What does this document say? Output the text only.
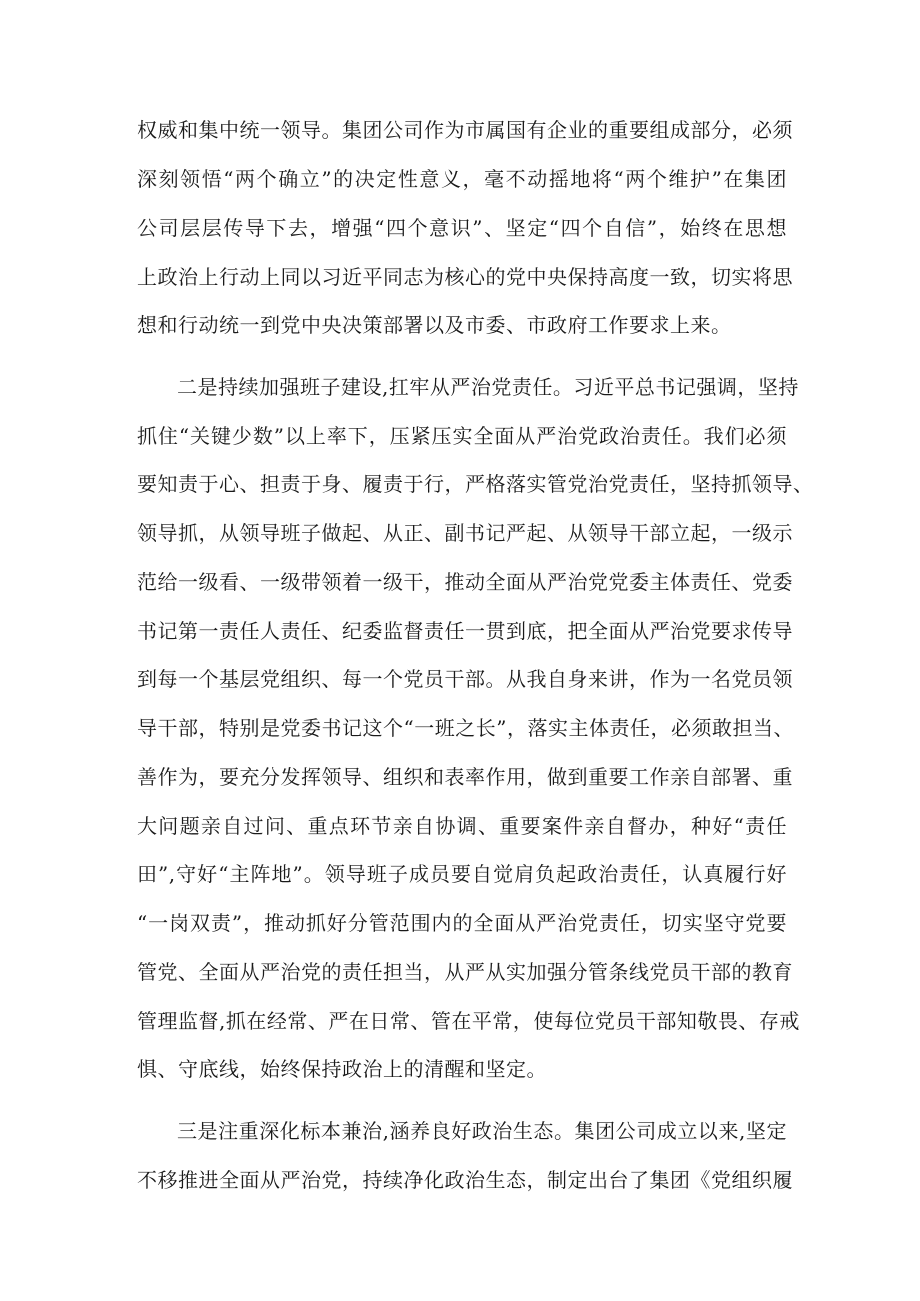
权威和集中统一领导。集团公司作为市属国有企业的重要组成部分，必须
深刻领悟“两个确立”的决定性意义，毫不动摇地将“两个维护”在集团
公司层层传导下去，增强“四个意识”、坚定“四个自信”，始终在思想
上政治上行动上同以习近平同志为核心的党中央保持高度一致，切实将思
想和行动统一到党中央决策部署以及市委、市政府工作要求上来。
二是持续加强班子建设,扛牢从严治党责任。习近平总书记强调，坚持
抓住“关键少数”以上率下，压紧压实全面从严治党政治责任。我们必须
要知责于心、担责于身、履责于行，严格落实管党治党责任，坚持抓领导、
领导抓，从领导班子做起、从正、副书记严起、从领导干部立起，一级示
范给一级看、一级带领着一级干，推动全面从严治党党委主体责任、党委
书记第一责任人责任、纪委监督责任一贯到底，把全面从严治党要求传导
到每一个基层党组织、每一个党员干部。从我自身来讲，作为一名党员领
导干部，特别是党委书记这个“一班之长”，落实主体责任，必须敢担当、
善作为，要充分发挥领导、组织和表率作用，做到重要工作亲自部署、重
大问题亲自过问、重点环节亲自协调、重要案件亲自督办，种好“责任
田”,守好“主阵地”。领导班子成员要自觉肩负起政治责任，认真履行好
“一岗双责”，推动抓好分管范围内的全面从严治党责任，切实坚守党要
管党、全面从严治党的责任担当，从严从实加强分管条线党员干部的教育
管理监督,抓在经常、严在日常、管在平常，使每位党员干部知敬畏、存戒
惧、守底线，始终保持政治上的清醒和坚定。
三是注重深化标本兼治,涵养良好政治生态。集团公司成立以来,坚定
不移推进全面从严治党，持续净化政治生态，制定出台了集团《党组织履
